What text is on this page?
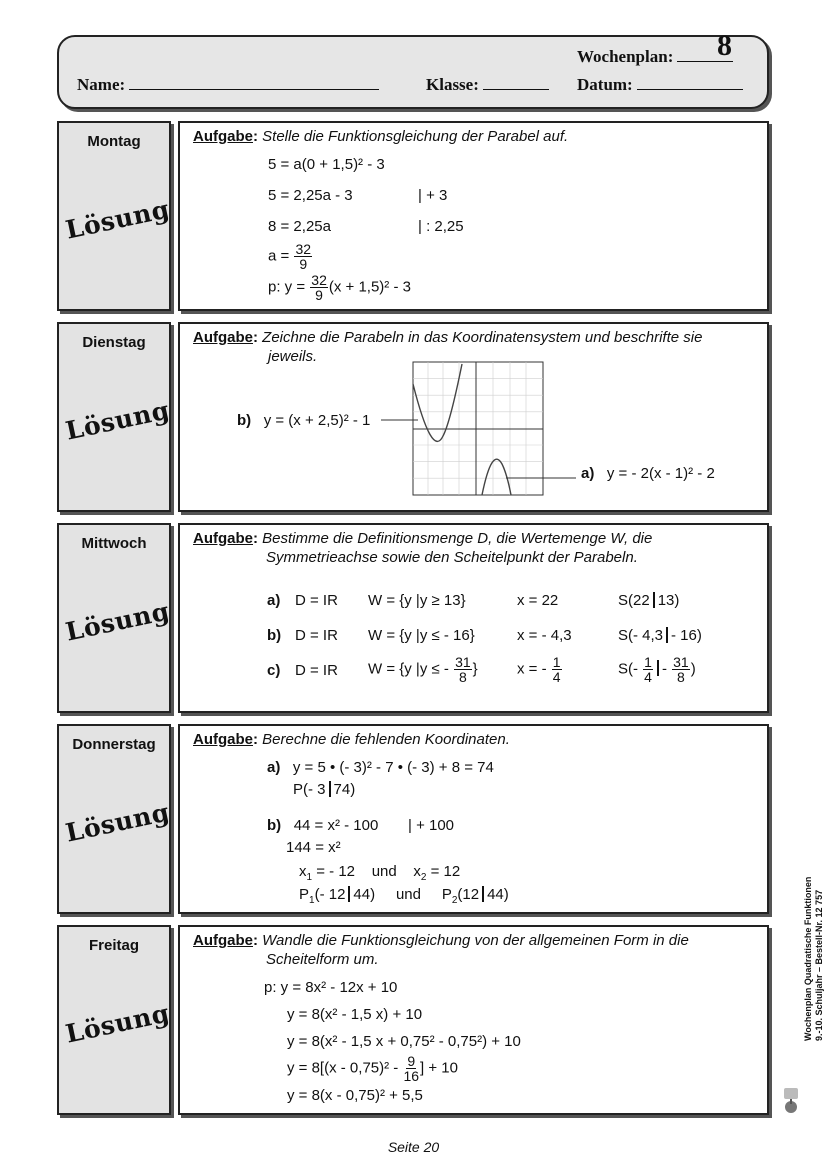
Wochenplan:	8
Name:	Klasse:	Datum:
Montag
Lösung
Aufgabe: Stelle die Funktionsgleichung der Parabel auf.
5 = a(0 + 1,5)² - 3
5 = 2,25a - 3	| + 3
8 = 2,25a	| : 2,25
$a = \frac{32}{9}$
p: $y = \frac{32}{9} (x + 1,5)^2 - 3$
Dienstag
Lösung
Aufgabe: Zeichne die Parabeln in das Koordinatensystem und beschrifte sie
jeweils.
b) y = (x + 2,5)² - 1
a) y = - 2(x - 1)² - 2
Mittwoch
Lösung
Aufgabe: Bestimme die Definitionsmenge D, die Wertemenge W, die
Symmetrieachse sowie den Scheitelpunkt der Parabeln.
a) D = IR W = {y |y ≥ 13}	x = 22	S(22 13)
b) D = IR W = {y |y ≤ - 16}	x = - 4,3	S(- 4,3 - 16)
c) D = IR W = {y |y ≤ - $\frac{31}{8}$ }	x = - $\frac{1}{4}$	$S(- \frac{1}{4} - \frac{31}{8}$ )
Donnerstag
Lösung
Aufgabe: Berechne die fehlenden Koordinaten.
a) y = 5 • (- 3)² - 7 • (- 3) + 8 = 74
P(- 3 74)
b) 44 = x² - 100 | + 100
144 = x²
$x_1$ = - 12 und $x_2 = 12$
$P_1(-$ 12 44) und $P_2(12$ 44)
Freitag
Lösung
Aufgabe: Wandle die Funktionsgleichung von der allgemeinen Form in die
Scheitelform um.
p: y = 8x² - 12x + 10
y = 8(x² - 1,5 x) + 10
y = 8(x² - 1,5 x + 0,75² - 0,75²) + 10
$y = 8[(x - 0,75)^2 - \frac{9}{16}$ ] + 10
y = 8(x - 0,75)² + 5,5
Wochenplan Quadratische Funktionen 9.-10. Schuljahr – Bestell-Nr. 12 757
Seite 20
